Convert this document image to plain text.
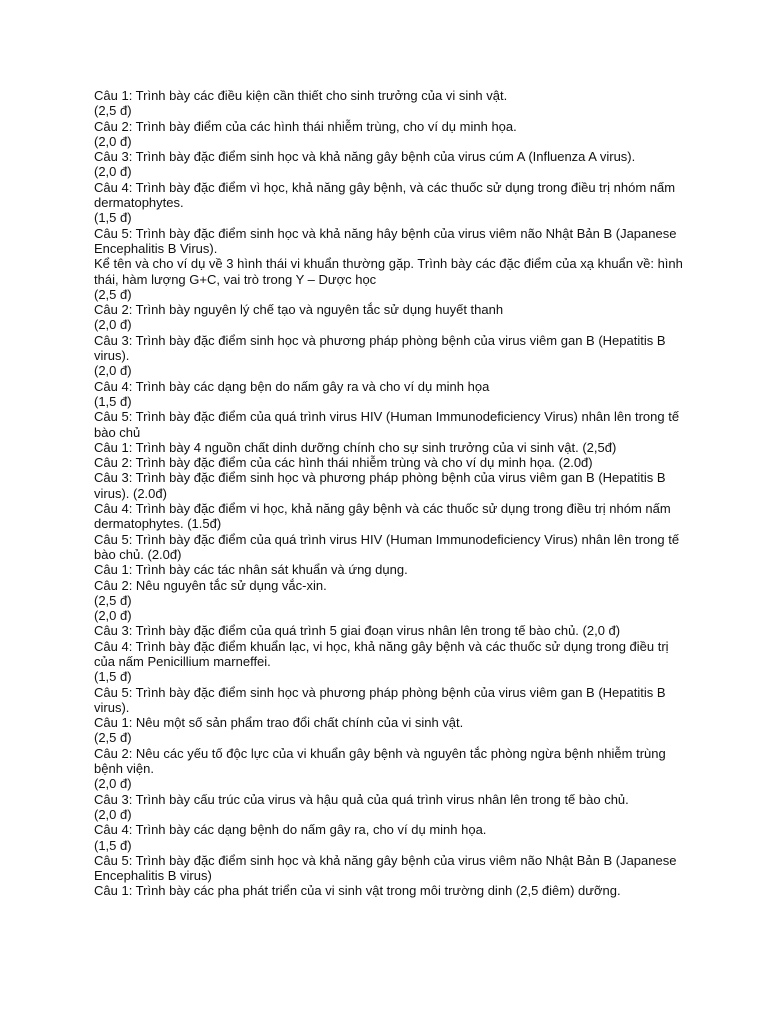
Câu 1: Trình bày các điều kiện cần thiết cho sinh trưởng của vi sinh vật.

(2,5 đ)

Câu 2: Trình bày điểm của các hình thái nhiễm trùng, cho ví dụ minh họa.

(2,0 đ)

Câu 3: Trình bày đặc điểm sinh học và khả năng gây bệnh của virus cúm A (Influenza A virus).

(2,0 đ)

Câu 4: Trình bày đặc điểm vì học, khả năng gây bệnh, và các thuốc sử dụng trong điều trị nhóm nấm dermatophytes.

(1,5 đ)

Câu 5: Trình bày đặc điểm sinh học và khả năng hây bệnh của virus viêm não Nhật Bản B (Japanese Encephalitis B Virus).

Kể tên và cho ví dụ về 3 hình thái vi khuẩn thường gặp. Trình bày các đặc điểm của xạ khuẩn về: hình thái, hàm lượng G+C, vai trò trong Y – Dược học

(2,5 đ)

Câu 2: Trình bày nguyên lý chế tạo và nguyên tắc sử dụng huyết thanh

(2,0 đ)

Câu 3: Trình bày đặc điểm sinh học và phương pháp phòng bệnh của virus viêm gan B (Hepatitis B virus).

(2,0 đ)

Câu 4: Trình bày các dạng bện do nấm gây ra và cho ví dụ minh họa

(1,5 đ)

Câu 5: Trình bày đặc điểm của quá trình virus HIV (Human Immunodeficiency Virus) nhân lên trong tế bào chủ

Câu 1: Trình bày 4 nguồn chất dinh dưỡng chính cho sự sinh trưởng của vi sinh vật. (2,5đ)

Câu 2: Trình bày đặc điểm của các hình thái nhiễm trùng và cho ví dụ minh họa. (2.0đ)

Câu 3: Trình bày đặc điểm sinh học và phương pháp phòng bệnh của virus viêm gan B (Hepatitis B virus). (2.0đ)

Câu 4: Trình bày đặc điểm vi học, khả năng gây bệnh và các thuốc sử dụng trong điều trị nhóm nấm dermatophytes. (1.5đ)

Câu 5: Trình bày đặc điểm của quá trình virus HIV (Human Immunodeficiency Virus) nhân lên trong tế bào chủ. (2.0đ)

Câu 1: Trình bày các tác nhân sát khuẩn và ứng dụng.

Câu 2: Nêu nguyên tắc sử dụng vắc-xin.

(2,5 đ)

(2,0 đ)

Câu 3: Trình bày đặc điểm của quá trình 5 giai đoạn virus nhân lên trong tế bào chủ. (2,0 đ)

Câu 4: Trình bày đặc điểm khuẩn lạc, vi học, khả năng gây bệnh và các thuốc sử dụng trong điều trị của nấm Penicillium marneffei.

(1,5 đ)

Câu 5: Trình bày đặc điểm sinh học và phương pháp phòng bệnh của virus viêm gan B (Hepatitis B virus).

Câu 1: Nêu một số sản phẩm trao đổi chất chính của vi sinh vật.

(2,5 đ)

Câu 2: Nêu các yếu tố độc lực của vi khuẩn gây bệnh và nguyên tắc phòng ngừa bệnh nhiễm trùng bệnh viện.

(2,0 đ)

Câu 3: Trình bày cấu trúc của virus và hậu quả của quá trình virus nhân lên trong tế bào chủ.

(2,0 đ)

Câu 4: Trình bày các dạng bệnh do nấm gây ra, cho ví dụ minh họa.

(1,5 đ)

Câu 5: Trình bày đặc điểm sinh học và khả năng gây bệnh của virus viêm não Nhật Bản B (Japanese Encephalitis B virus)

Câu 1: Trình bày các pha phát triển của vi sinh vật trong môi trường dinh (2,5 điêm) dưỡng.
